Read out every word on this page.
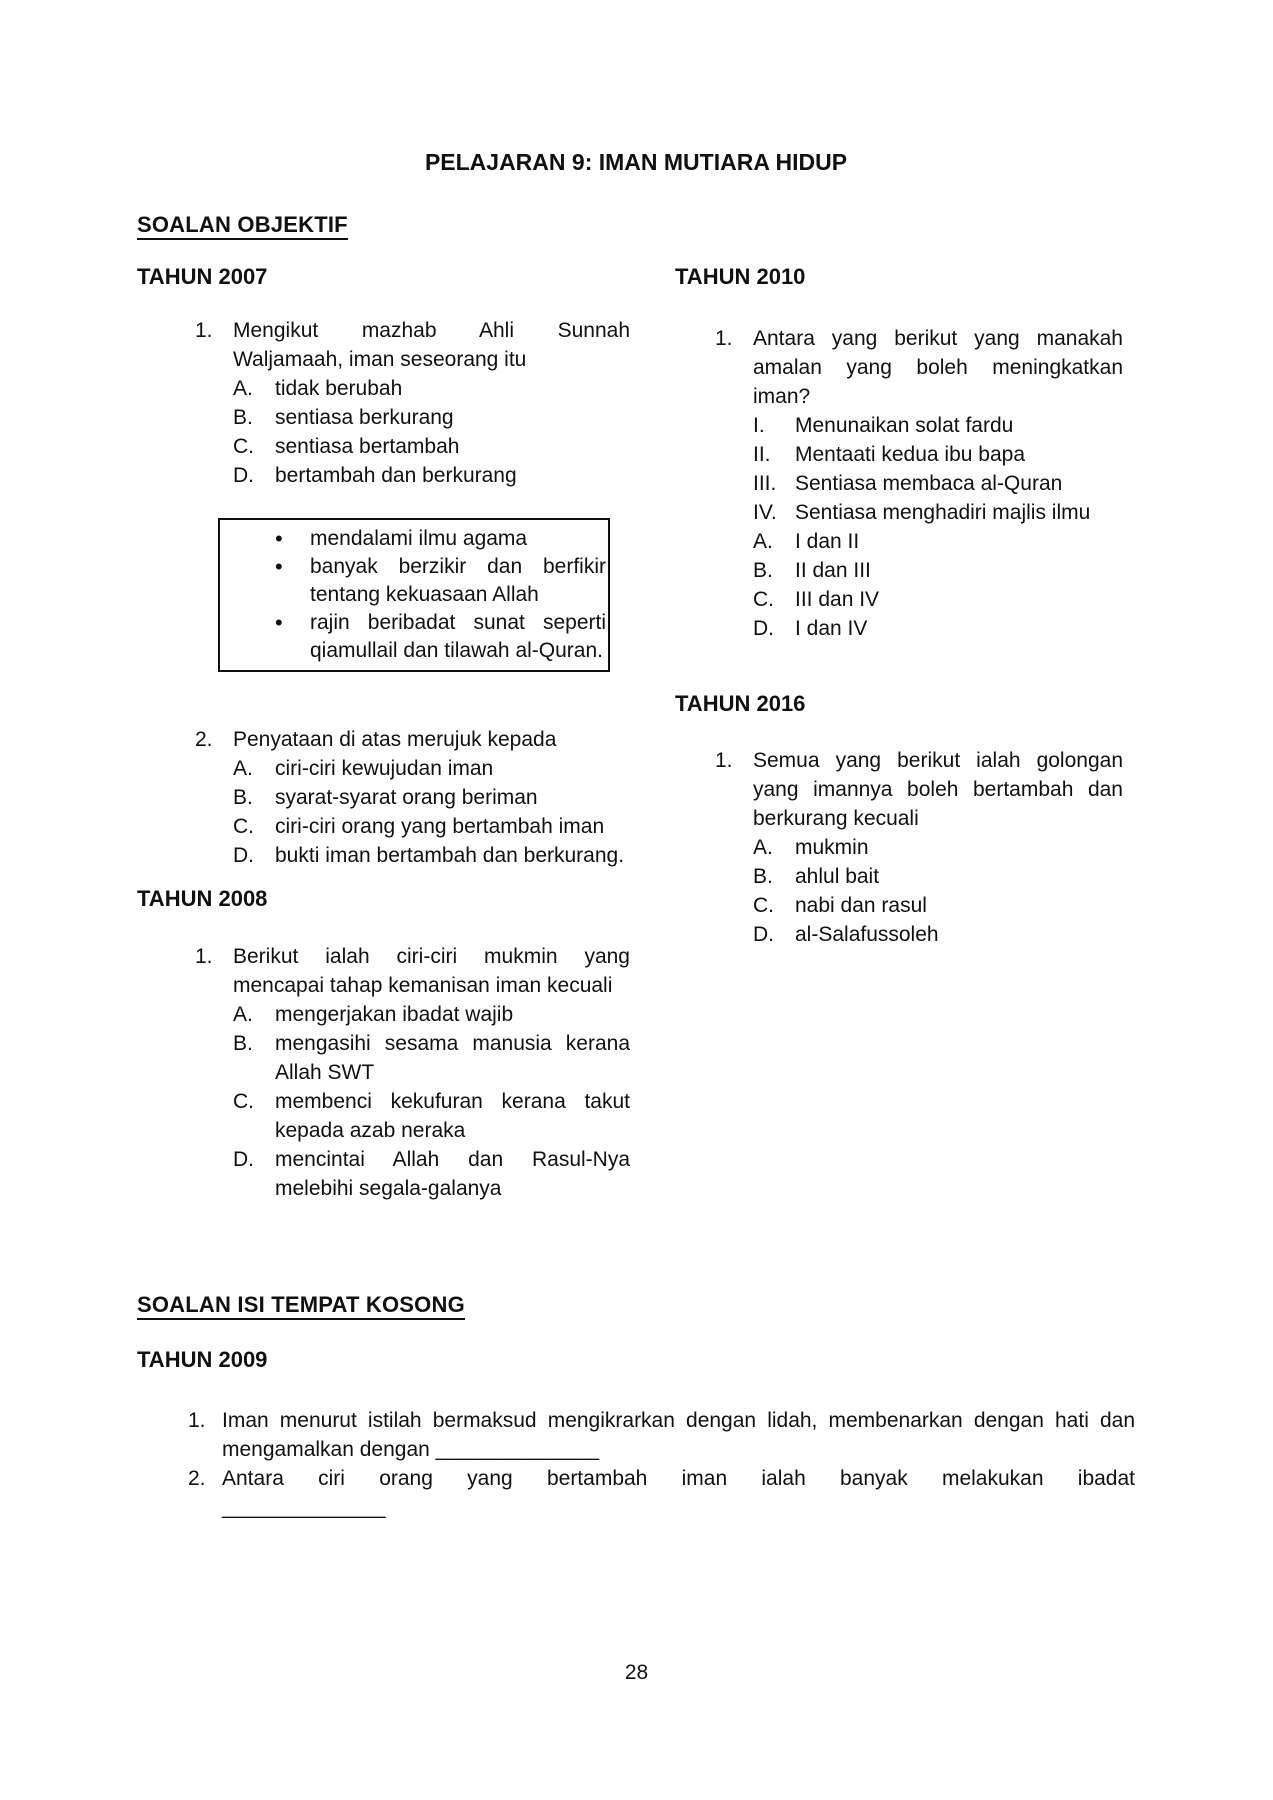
PELAJARAN 9: IMAN MUTIARA HIDUP
SOALAN OBJEKTIF
TAHUN 2007
1. Mengikut mazhab Ahli Sunnah Waljamaah, iman seseorang itu
A.	tidak berubah
B.	sentiasa berkurang
C.	sentiasa bertambah
D.	bertambah dan berkurang
•	mendalami ilmu agama
•	banyak berzikir dan berfikir tentang kekuasaan Allah
•	rajin beribadat sunat seperti qiamullail dan tilawah al-Quran.
2. Penyataan di atas merujuk kepada
A.	ciri-ciri kewujudan iman
B.	syarat-syarat orang beriman
C.	ciri-ciri orang yang bertambah iman
D.	bukti iman bertambah dan berkurang.
TAHUN 2008
1. Berikut ialah ciri-ciri mukmin yang mencapai tahap kemanisan iman kecuali
A.	mengerjakan ibadat wajib
B.	mengasihi sesama manusia kerana Allah SWT
C.	membenci kekufuran kerana takut kepada azab neraka
D.	mencintai Allah dan Rasul-Nya melebihi segala-galanya
TAHUN 2010
1. Antara yang berikut yang manakah amalan yang boleh meningkatkan iman?
I.	Menunaikan solat fardu
II.	Mentaati kedua ibu bapa
III. Sentiasa membaca al-Quran
IV. Sentiasa menghadiri majlis ilmu
A.	I dan II
B.	II dan III
C.	III dan IV
D.	I dan IV
TAHUN 2016
1. Semua yang berikut ialah golongan yang imannya boleh bertambah dan berkurang kecuali
A.	mukmin
B.	ahlul bait
C.	nabi dan rasul
D.	al-Salafussoleh
SOALAN ISI TEMPAT KOSONG
TAHUN 2009
1. Iman menurut istilah bermaksud mengikrarkan dengan lidah, membenarkan dengan hati dan mengamalkan dengan ______________
2. Antara ciri orang yang bertambah iman ialah banyak melakukan ibadat
______________
28
